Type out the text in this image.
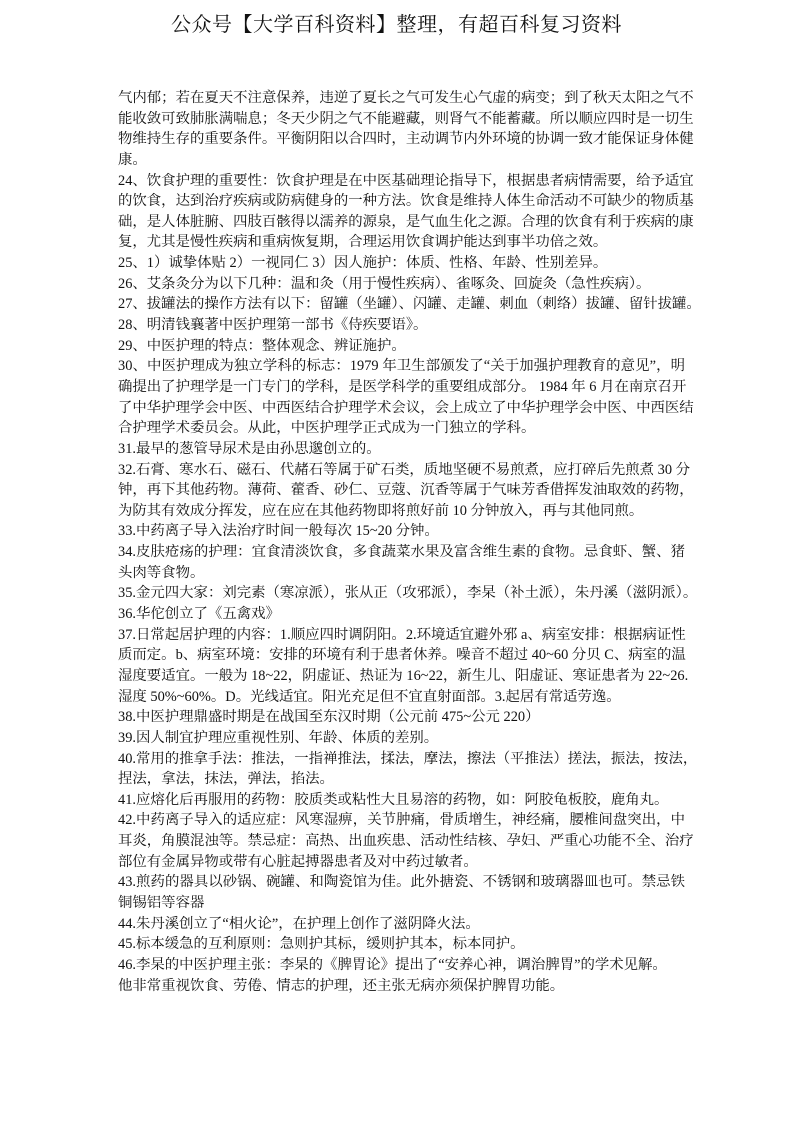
公众号【大学百科资料】整理，有超百科复习资料
气内郁；若在夏天不注意保养，违逆了夏长之气可发生心气虚的病变；到了秋天太阳之气不
能收敛可致肺胀满喘息；冬天少阴之气不能避藏，则肾气不能蓄藏。所以顺应四时是一切生
物维持生存的重要条件。平衡阴阳以合四时，主动调节内外环境的协调一致才能保证身体健
康。
24、饮食护理的重要性：饮食护理是在中医基础理论指导下，根据患者病情需要，给予适宜
的饮食，达到治疗疾病或防病健身的一种方法。饮食是维持人体生命活动不可缺少的物质基
础，是人体脏腑、四肢百骸得以濡养的源泉，是气血生化之源。合理的饮食有利于疾病的康
复，尤其是慢性疾病和重病恢复期，合理运用饮食调护能达到事半功倍之效。
25、1）诚挚体贴 2）一视同仁 3）因人施护：体质、性格、年龄、性别差异。
26、艾条灸分为以下几种：温和灸（用于慢性疾病）、雀啄灸、回旋灸（急性疾病）。
27、拔罐法的操作方法有以下：留罐（坐罐）、闪罐、走罐、刺血（刺络）拔罐、留针拔罐。
28、明清钱襄著中医护理第一部书《侍疾要语》。
29、中医护理的特点：整体观念、辨证施护。
30、中医护理成为独立学科的标志：1979 年卫生部颁发了“关于加强护理教育的意见”，明
确提出了护理学是一门专门的学科，是医学科学的重要组成部分。 1984 年 6 月在南京召开
了中华护理学会中医、中西医结合护理学术会议，会上成立了中华护理学会中医、中西医结
合护理学术委员会。从此，中医护理学正式成为一门独立的学科。
31.最早的葱管导尿术是由孙思邈创立的。
32.石膏、寒水石、磁石、代赭石等属于矿石类，质地坚硬不易煎煮，应打碎后先煎煮 30 分
钟，再下其他药物。薄荷、藿香、砂仁、豆蔻、沉香等属于气味芳香借挥发油取效的药物，
为防其有效成分挥发，应在应在其他药物即将煎好前 10 分钟放入，再与其他同煎。
33.中药离子导入法治疗时间一般每次 15~20 分钟。
34.皮肤疮疡的护理：宜食清淡饮食，多食蔬菜水果及富含维生素的食物。忌食虾、蟹、猪
头肉等食物。
35.金元四大家：刘完素（寒凉派），张从正（攻邪派），李杲（补土派），朱丹溪（滋阴派）。
36.华佗创立了《五禽戏》
37.日常起居护理的内容：1.顺应四时调阴阳。2.环境适宜避外邪 a、病室安排：根据病证性
质而定。b、病室环境：安排的环境有利于患者休养。噪音不超过 40~60 分贝 C、病室的温
湿度要适宜。一般为 18~22，阴虚证、热证为 16~22，新生儿、阳虚证、寒证患者为 22~26.
湿度 50%~60%。D。光线适宜。阳光充足但不宜直射面部。3.起居有常适劳逸。
38.中医护理鼎盛时期是在战国至东汉时期（公元前 475~公元 220）
39.因人制宜护理应重视性别、年龄、体质的差别。
40.常用的推拿手法：推法，一指禅推法，揉法，摩法，擦法（平推法）搓法，振法，按法，
捏法，拿法，抹法，弹法，掐法。
41.应熔化后再服用的药物：胶质类或粘性大且易溶的药物，如：阿胶龟板胶，鹿角丸。
42.中药离子导入的适应症：风寒湿痹，关节肿痛，骨质增生，神经痛，腰椎间盘突出，中
耳炎，角膜混浊等。禁忌症：高热、出血疾患、活动性结核、孕妇、严重心功能不全、治疗
部位有金属异物或带有心脏起搏器患者及对中药过敏者。
43.煎药的器具以砂锅、碗罐、和陶瓷馆为佳。此外搪瓷、不锈钢和玻璃器皿也可。禁忌铁
铜锡铝等容器
44.朱丹溪创立了“相火论”，在护理上创作了滋阴降火法。
45.标本缓急的互利原则：急则护其标，缓则护其本，标本同护。
46.李杲的中医护理主张：李杲的《脾胃论》提出了“安养心神，调治脾胃”的学术见解。
他非常重视饮食、劳倦、情志的护理，还主张无病亦须保护脾胃功能。
